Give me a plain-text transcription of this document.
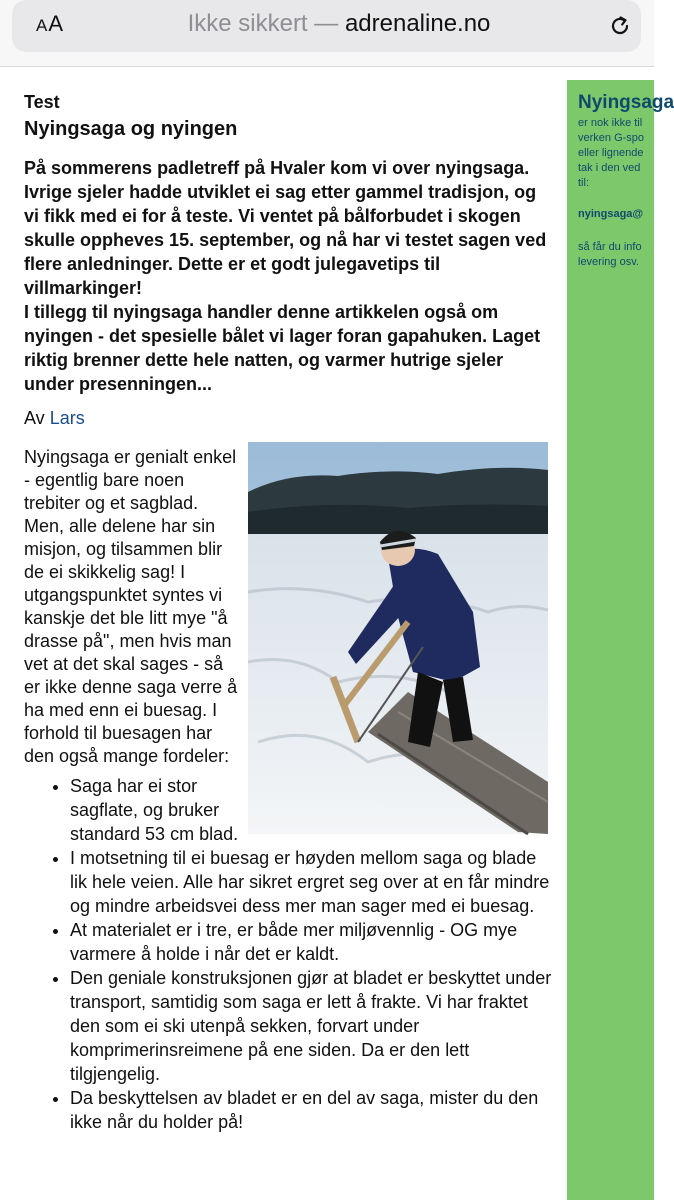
AA	Ikke sikkert — adrenaline.no
Test
Nyingsaga og nyingen

På sommerens padletreff på Hvaler kom vi over nyingsaga. Ivrige sjeler hadde utviklet ei sag etter gammel tradisjon, og vi fikk med ei for å teste. Vi ventet på bålforbudet i skogen skulle oppheves 15. september, og nå har vi testet sagen ved flere anledninger. Dette er et godt julegavetips til villmarkinger!

I tillegg til nyingsaga handler denne artikkelen også om nyingen - det spesielle bålet vi lager foran gapahuken. Laget riktig brenner dette hele natten, og varmer hutrige sjeler under presenningen...

Av Lars

Nyingsaga er genialt enkel - egentlig bare noen trebiter og et sagblad. Men, alle delene har sin misjon, og tilsammen blir de ei skikkelig sag! I utgangspunktet syntes vi kanskje det ble litt mye "å drasse på", men hvis man vet at det skal sages - så er ikke denne saga verre å ha med enn ei buesag. I forhold til buesagen har den også mange fordeler:

• Saga har ei stor sagflate, og bruker standard 53 cm blad.
• I motsetning til ei buesag er høyden mellom saga og blade lik hele veien. Alle har sikret ergret seg over at en får mindre og mindre arbeidsvei dess mer man sager med ei buesag.
• At materialet er i tre, er både mer miljøvennlig - OG mye varmere å holde i når det er kaldt.
• Den geniale konstruksjonen gjør at bladet er beskyttet under transport, samtidig som saga er lett å frakte. Vi har fraktet den som ei ski utenpå sekken, forvart under komprimerinsreimene på ene siden. Da er den lett tilgjengelig.
• Da beskyttelsen av bladet er en del av saga, mister du den ikke når du holder på!
Nyingsaga
er nok ikke til
verken G-spo
eller lignende
tak i den ved
til:
nyingsaga@
så får du info
levering osv.
